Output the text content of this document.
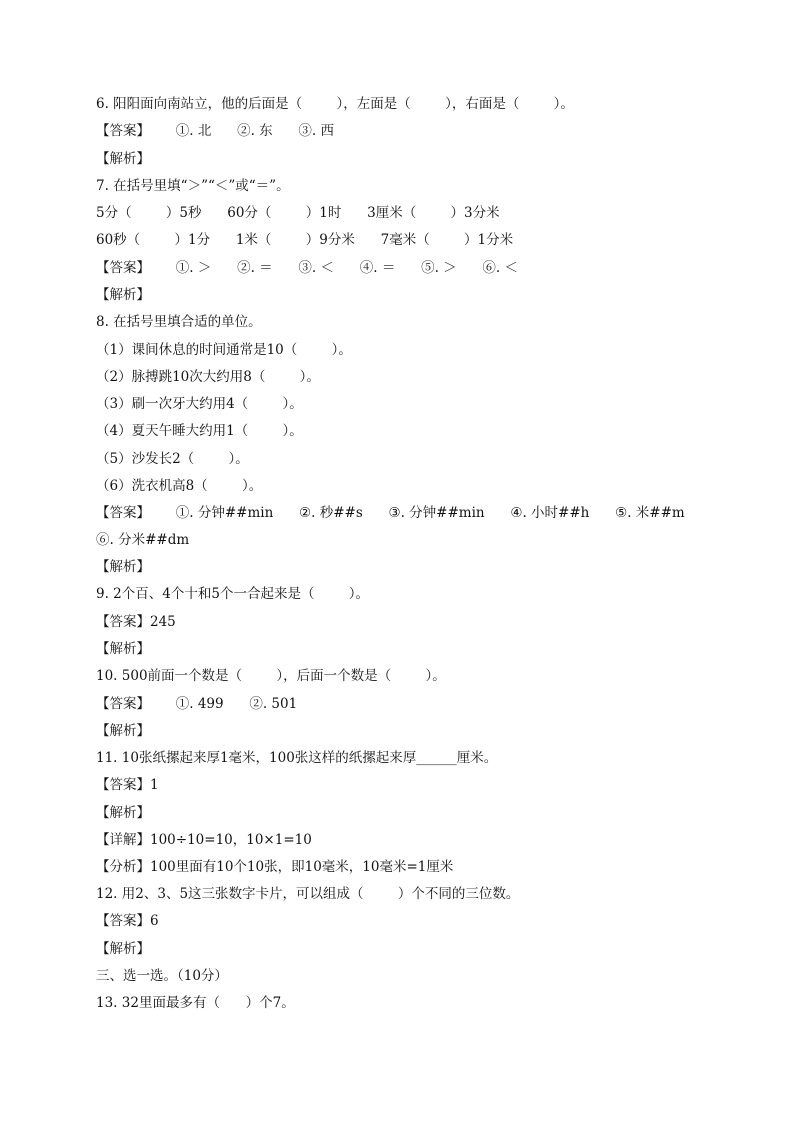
6. 阳阳面向南站立，他的后面是（        ），左面是（        ），右面是（        ）。
【答案】      ①. 北      ②. 东      ③. 西
【解析】
7. 在括号里填“＞”“＜”或“＝”。
5分（        ）5秒      60分（        ）1时      3厘米（        ）3分米
60秒（        ）1分      1米（        ）9分米      7毫米（        ）1分米
【答案】      ①. ＞      ②. ＝      ③. ＜      ④. ＝      ⑤. ＞      ⑥. ＜
【解析】
8. 在括号里填合适的单位。
（1）课间休息的时间通常是10（        ）。
（2）脉搏跳10次大约用8（        ）。
（3）刷一次牙大约用4（        ）。
（4）夏天午睡大约用1（        ）。
（5）沙发长2（        ）。
（6）洗衣机高8（        ）。
【答案】      ①. 分钟##min      ②. 秒##s      ③. 分钟##min      ④. 小时##h      ⑤. 米##m
⑥. 分米##dm
【解析】
9. 2个百、4个十和5个一合起来是（        ）。
【答案】245
【解析】
10. 500前面一个数是（        ），后面一个数是（        ）。
【答案】      ①. 499      ②. 501
【解析】
11. 10张纸摞起来厚1毫米，100张这样的纸摞起来厚______厘米。
【答案】1
【解析】
【详解】100÷10=10，10×1=10
【分析】100里面有10个10张，即10毫米，10毫米=1厘米
12. 用2、3、5这三张数字卡片，可以组成（        ）个不同的三位数。
【答案】6
【解析】
三、选一选。（10分）
13. 32里面最多有（      ）个7。
